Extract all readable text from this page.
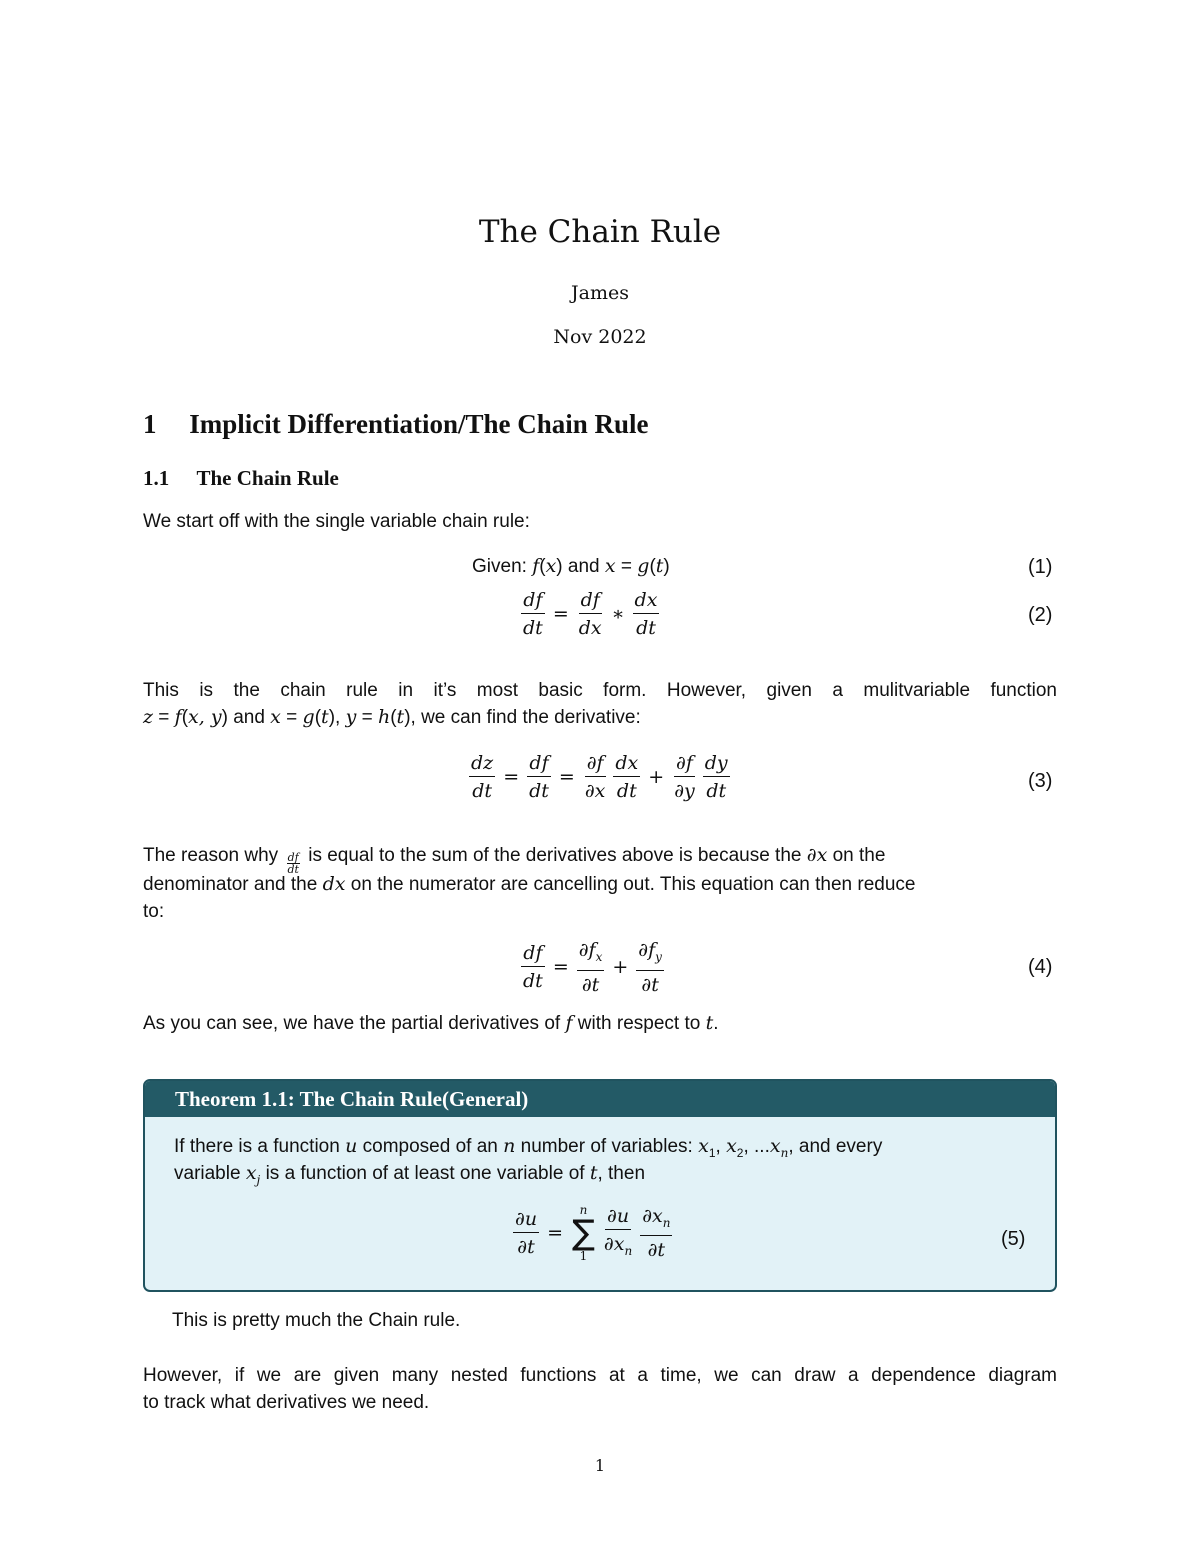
The Chain Rule
James
Nov 2022
1 Implicit Differentiation/The Chain Rule
1.1 The Chain Rule
We start off with the single variable chain rule:
Given: f(x) and x = g(t)	(1)
$\frac{df}{dt} = \frac{df}{dx}$ ∗ $\frac{dx}{dt}$	(2)
This is the chain rule in it’s most basic form. However, given a mulitvariable function
z = f(x, y) and x = g(t), y = h(t), we can find the derivative:
$\frac{dz}{dt} = \frac{df}{dt} = \frac{\partial f}{\partial x} \frac{dx}{dt} + \frac{\partial f}{\partial y} \frac{dy}{dt}$	(3)
The reason why $\frac{df}{dt}$ is equal to the sum of the derivatives above is because the ∂x on the
denominator and the dx on the numerator are cancelling out. This equation can then reduce
to:
$\frac{df}{dt} = \frac{\partial f_x}{\partial t} + \frac{\partial f_y}{\partial t}$	(4)
As you can see, we have the partial derivatives of f with respect to t.
Theorem 1.1: The Chain Rule(General)
If there is a function u composed of an n number of variables: $x_1$, $x_2$, $...x_n$, and every
variable $x_j$ is a function of at least one variable of t, then
$\frac{\partial u}{\partial t}$ =
n
∑
$1 \frac{\partial u}{\partial x_n} \frac{\partial x_n}{\partial t}$	(5)
This is pretty much the Chain rule.
However, if we are given many nested functions at a time, we can draw a dependence diagram
to track what derivatives we need.
1
